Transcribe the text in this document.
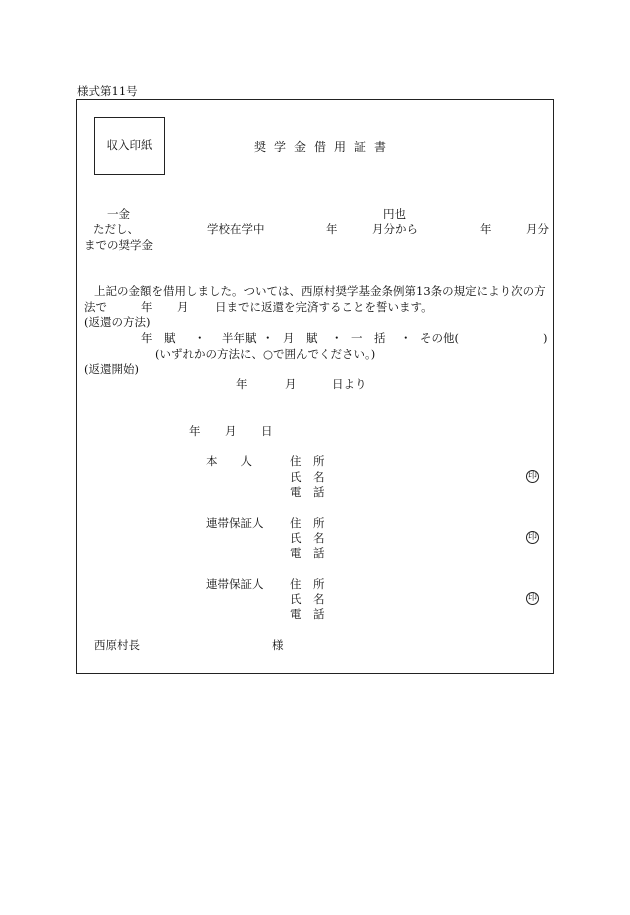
様式第11号
収入印紙	奨学金借用証書
一金	円也
ただし、	学校在学中	年	月分から	年	月分
までの奨学金
上記の金額を借用しました。ついては、西原村奨学基金条例第13条の規定により次の方
法で	年 月 日までに返還を完済することを誓います。
(返還の方法)
年　賦 ・ 半年賦 ・ 月　賦 ・ 一　括 ・ その他(	)
(いずれかの方法に、○で囲んでください。)
(返還開始)
年	月	日より
年 月 日
本　　人	住　所
氏　名
電　話
印
連帯保証人 住　所
氏　名
電　話
印
連帯保証人 住　所
氏　名
電　話
印
西原村長	様
